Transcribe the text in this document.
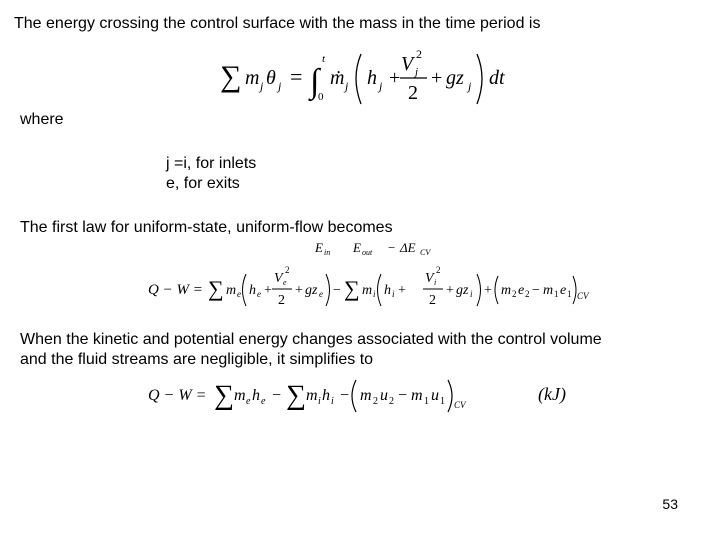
The energy crossing the control surface with the mass in the time period is
∑ m j θ j = ∫
t
0
ṁ j h j +
V j
2
2
+ gz j dt
where
j =i, for inlets
e, for exits
The first law for uniform-state, uniform-flow becomes
E in E out − ΔE CV
Q − W = ∑ m e h e +
V e
2
2
+ gz e − ∑ m i h i +
V i
2
2
+ gz i + m 2 e 2 − m 1 e 1 CV
When the kinetic and potential energy changes associated with the control volume
and the fluid streams are negligible, it simplifies to
Q − W = ∑ m e h e − ∑ m i h i − m 2 u 2 − m 1 u 1 CV
(kJ)
53
